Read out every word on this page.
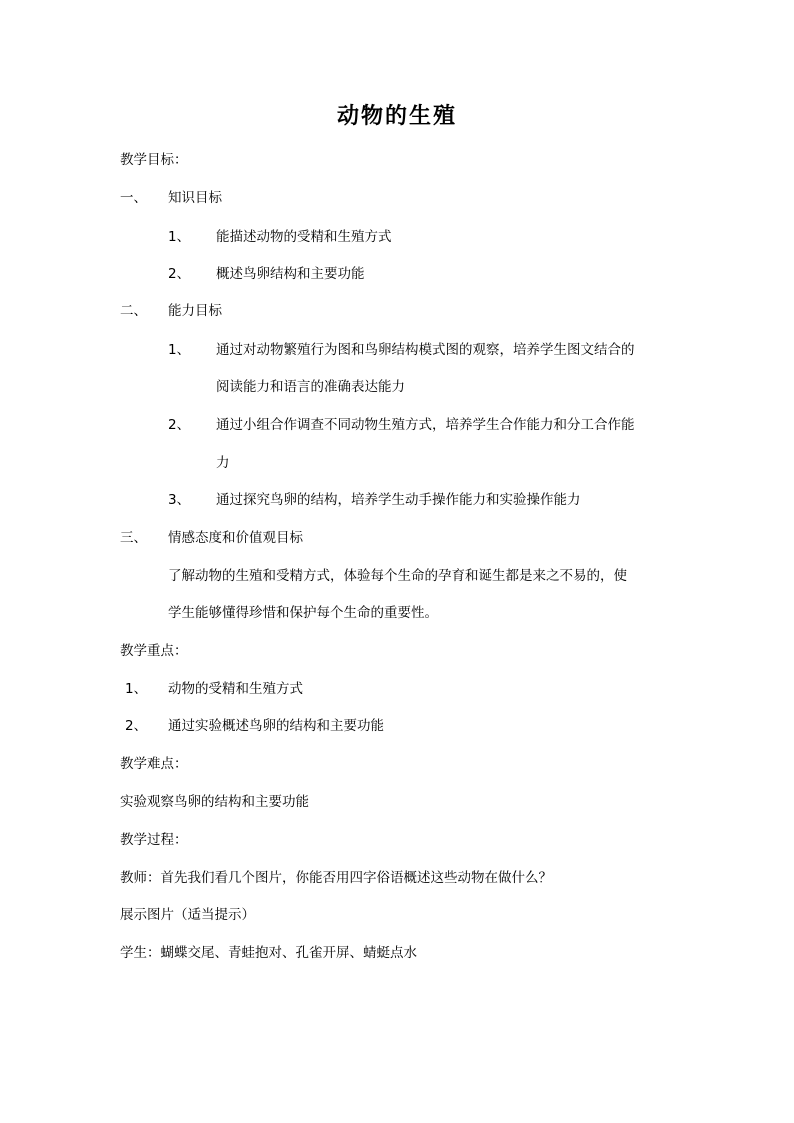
动物的生殖
教学目标：
一、 知识目标
1、 能描述动物的受精和生殖方式
2、 概述鸟卵结构和主要功能
二、 能力目标
1、 通过对动物繁殖行为图和鸟卵结构模式图的观察，培养学生图文结合的
阅读能力和语言的准确表达能力
2、 通过小组合作调查不同动物生殖方式，培养学生合作能力和分工合作能
力
3、 通过探究鸟卵的结构，培养学生动手操作能力和实验操作能力
三、 情感态度和价值观目标
了解动物的生殖和受精方式，体验每个生命的孕育和诞生都是来之不易的，使
学生能够懂得珍惜和保护每个生命的重要性。
教学重点：
1、 动物的受精和生殖方式
2、 通过实验概述鸟卵的结构和主要功能
教学难点：
实验观察鸟卵的结构和主要功能
教学过程：
教师：首先我们看几个图片，你能否用四字俗语概述这些动物在做什么？
展示图片（适当提示）
学生：蝴蝶交尾、青蛙抱对、孔雀开屏、蜻蜓点水
